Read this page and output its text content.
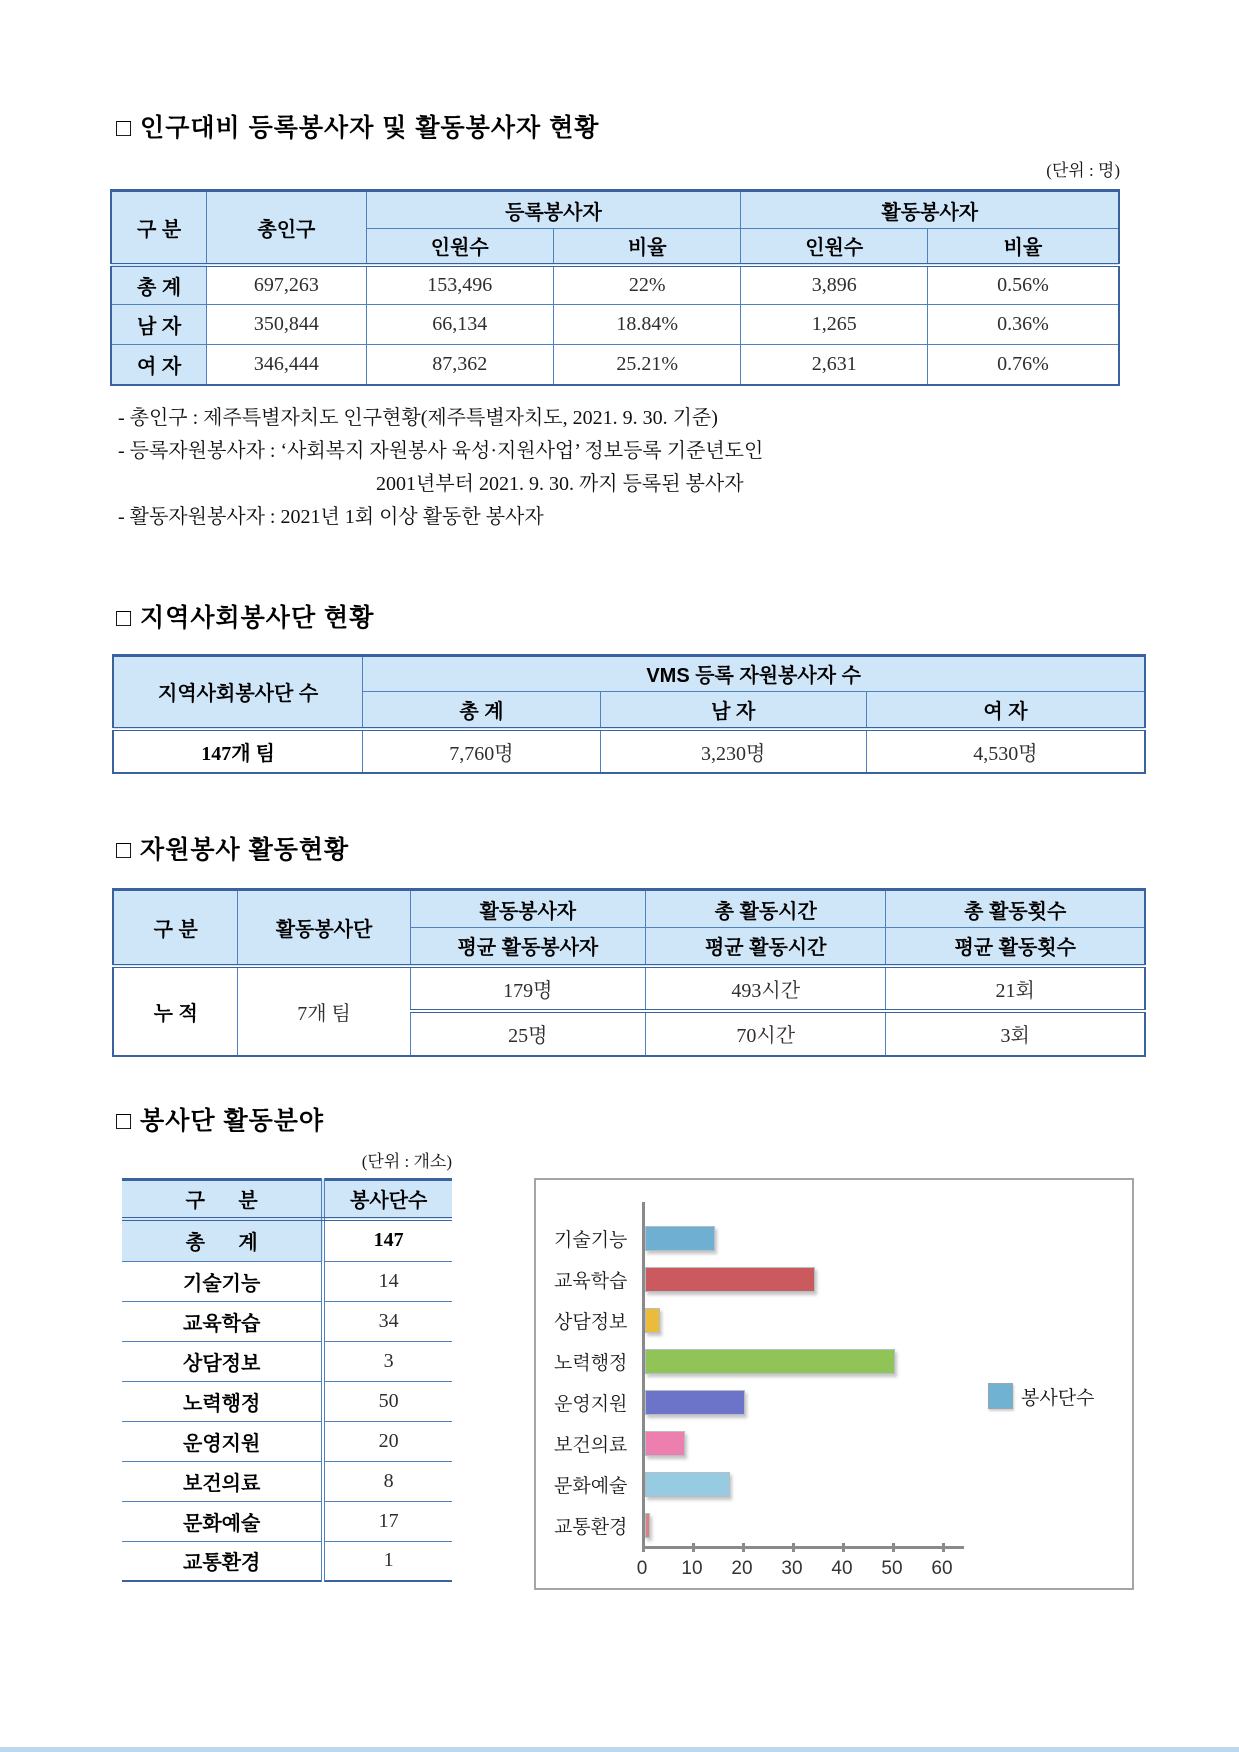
□ 인구대비 등록봉사자 및 활동봉사자 현황
(단위 : 명)
구 분	총인구	등록봉사자		활동봉사자	
		인원수	비율	인원수	비율
총 계	697,263	153,496	22%	3,896	0.56%
남 자	350,844	66,134	18.84%	1,265	0.36%
여 자	346,444	87,362	25.21%	2,631	0.76%
- 총인구 : 제주특별자치도 인구현황(제주특별자치도, 2021. 9. 30. 기준)
- 등록자원봉사자 : ‘사회복지 자원봉사 육성·지원사업’ 정보등록 기준년도인
2001년부터 2021. 9. 30. 까지 등록된 봉사자
- 활동자원봉사자 : 2021년 1회 이상 활동한 봉사자
□ 지역사회봉사단 현황
지역사회봉사단 수	VMS 등록 자원봉사자 수		
	총 계	남 자	여 자
147개 팀	7,760명	3,230명	4,530명
□ 자원봉사 활동현황
구 분	활동봉사단	활동봉사자	총 활동시간	총 활동횟수
		평균 활동봉사자	평균 활동시간	평균 활동횟수
누 적	7개 팀	179명	493시간	21회
		25명	70시간	3회
□ 봉사단 활동분야
(단위 : 개소)
구      분	봉사단수
총      계	147
기술기능	14
교육학습	34
상담정보	3
노력행정	50
운영지원	20
보건의료	8
문화예술	17
교통환경	1
기술기능
교육학습
상담정보
노력행정
운영지원
보건의료
문화예술
교통환경
0 10 20 30 40 50 60
봉사단수
